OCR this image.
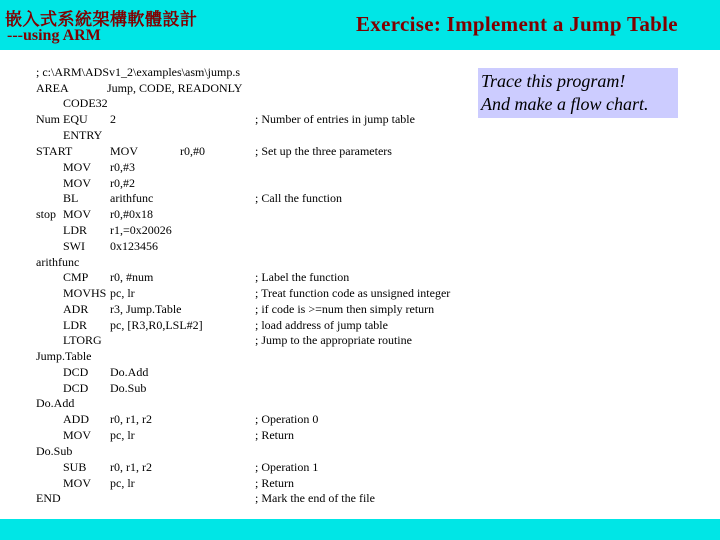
嵌入式系統架構軟體設計
---using ARM	Exercise: Implement a Jump Table
Trace this program!
And make a flow chart.
; c:\ARM\ADSv1_2\examples\asm\jump.s
AREA	Jump, CODE, READONLY
CODE32
Num EQU 2	; Number of entries in jump table
ENTRY
START	MOV	r0,#0	; Set up the three parameters
MOV r0,#3
MOV r0,#2
BL	arithfunc	; Call the function
stop MOV r0,#0x18
LDR r1,=0x20026
SWI 0x123456
arithfunc
CMP r0, #num	; Label the function
MOVHS pc, lr	; Treat function code as unsigned integer
ADR r3, Jump.Table	; if code is >=num then simply return
LDR pc, [R3,R0,LSL#2]	; load address of jump table
LTORG	; Jump to the appropriate routine
Jump.Table
DCD Do.Add
DCD Do.Sub
Do.Add
ADD r0, r1, r2	; Operation 0
MOV pc, lr	; Return
Do.Sub
SUB r0, r1, r2	; Operation 1
MOV pc, lr	; Return
END	; Mark the end of the file
